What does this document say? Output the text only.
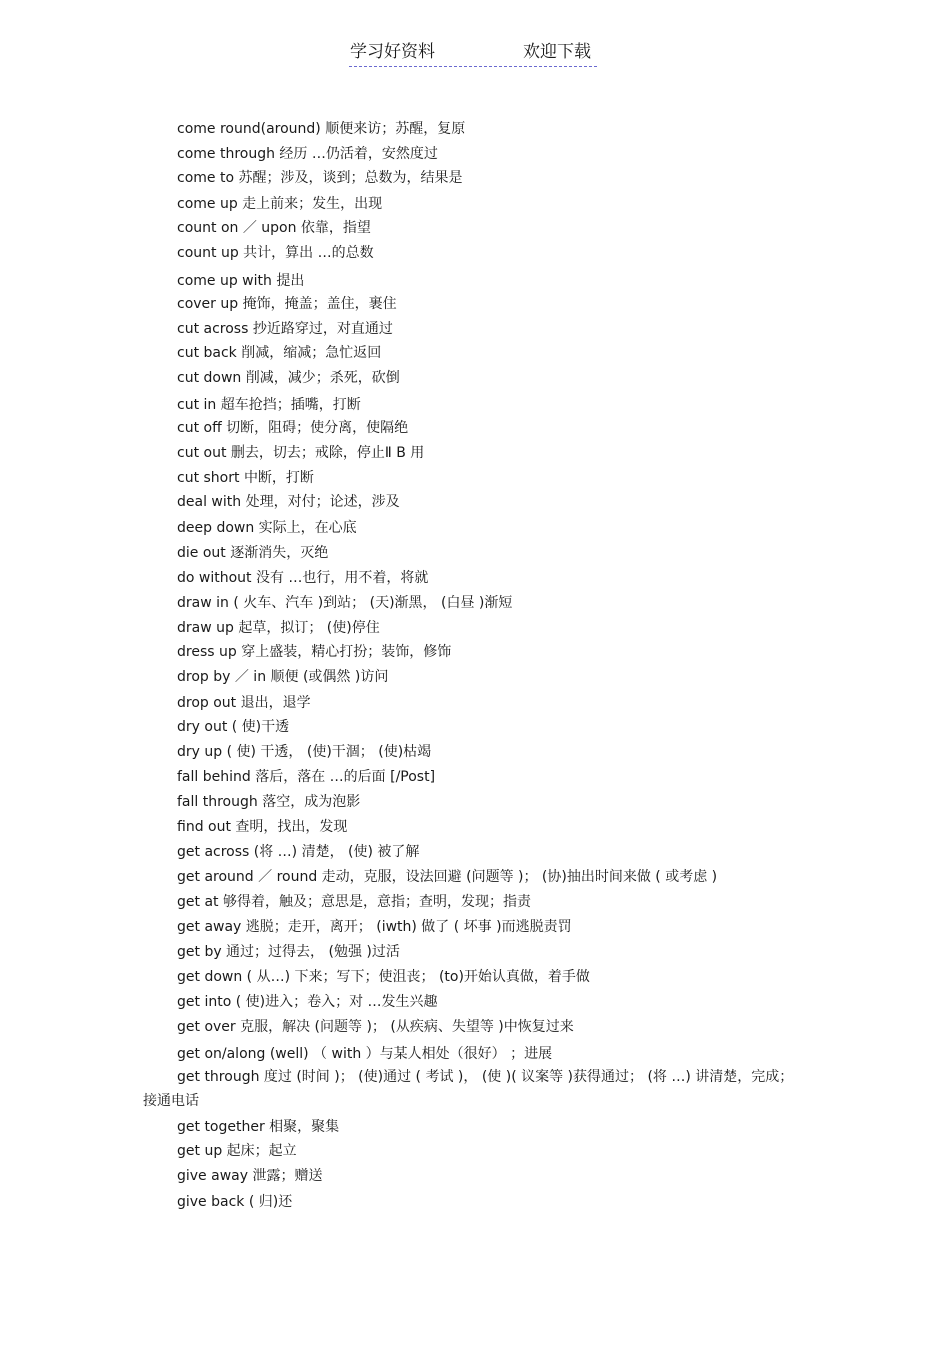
学习好资料	欢迎下载
come round(around) 顺便来访；苏醒，复原
come through 经历 …仍活着，安然度过
come to 苏醒；涉及，谈到；总数为，结果是
come up 走上前来；发生，出现
count on ／ upon 依靠，指望
count up 共计，算出 …的总数
come up with 提出
cover up 掩饰，掩盖；盖住，裹住
cut across 抄近路穿过，对直通过
cut back 削减，缩减；急忙返回
cut down 削减，减少；杀死，砍倒
cut in 超车抢挡；插嘴，打断
cut off 切断，阻碍；使分离，使隔绝
cut out 删去，切去；戒除，停止Ⅱ B 用
cut short 中断，打断
deal with 处理，对付；论述，涉及
deep down 实际上，在心底
die out 逐渐消失，灭绝
do without 没有 …也行，用不着，将就
draw in ( 火车、汽车 )到站； (天)渐黑， (白昼 )渐短
draw up 起草，拟订； (使)停住
dress up 穿上盛装，精心打扮；装饰，修饰
drop by ／ in 顺便 (或偶然 )访问
drop out 退出，退学
dry out ( 使)干透
dry up ( 使) 干透， (使)干涸； (使)枯竭
fall behind 落后，落在 …的后面 [/Post]
fall through 落空，成为泡影
find out 查明，找出，发现
get across (将 …) 清楚， (使) 被了解
get around ／ round 走动，克服，设法回避 (问题等 )； (协)抽出时间来做 ( 或考虑 )
get at 够得着，触及；意思是，意指；查明，发现；指责
get away 逃脱；走开，离开； (iwth) 做了 ( 坏事 )而逃脱责罚
get by 通过；过得去， (勉强 )过活
get down ( 从…) 下来；写下；使沮丧； (to)开始认真做，着手做
get into ( 使)进入；卷入；对 …发生兴趣
get over 克服，解决 (问题等 )； (从疾病、失望等 )中恢复过来
get on/along (well) （ with ）与某人相处（很好） ；进展
get through 度过 (时间 )； (使)通过 ( 考试 )， (使 )( 议案等 )获得通过； (将 …) 讲清楚，完成；
接通电话
get together 相聚，聚集
get up 起床；起立
give away 泄露；赠送
give back ( 归)还
